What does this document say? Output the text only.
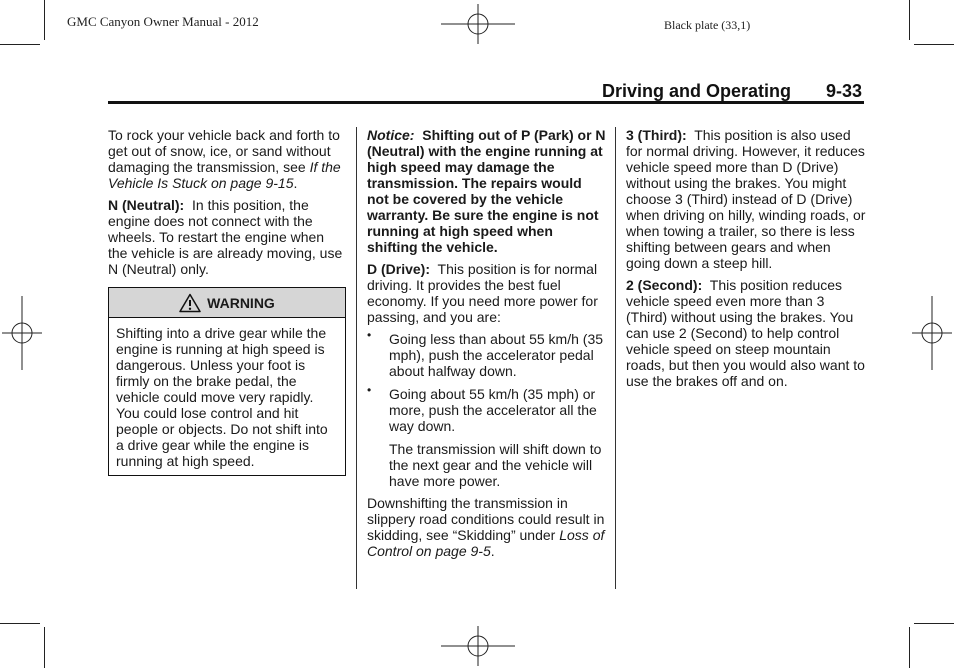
GMC Canyon Owner Manual - 2012	Black plate (33,1)
Driving and Operating 9-33

To rock your vehicle back and forth to get out of snow, ice, or sand without damaging the transmission, see If the Vehicle Is Stuck on page 9-15.

N (Neutral): In this position, the engine does not connect with the wheels. To restart the engine when the vehicle is are already moving, use N (Neutral) only.

WARNING
Shifting into a drive gear while the engine is running at high speed is dangerous. Unless your foot is firmly on the brake pedal, the vehicle could move very rapidly. You could lose control and hit people or objects. Do not shift into a drive gear while the engine is running at high speed.

Notice: Shifting out of P (Park) or N (Neutral) with the engine running at high speed may damage the transmission. The repairs would not be covered by the vehicle warranty. Be sure the engine is not running at high speed when shifting the vehicle.

D (Drive): This position is for normal driving. It provides the best fuel economy. If you need more power for passing, and you are:

• Going less than about 55 km/h (35 mph), push the accelerator pedal about halfway down.
• Going about 55 km/h (35 mph) or more, push the accelerator all the way down.

The transmission will shift down to the next gear and the vehicle will have more power.

Downshifting the transmission in slippery road conditions could result in skidding, see “Skidding” under Loss of Control on page 9-5.

3 (Third): This position is also used for normal driving. However, it reduces vehicle speed more than D (Drive) without using the brakes. You might choose 3 (Third) instead of D (Drive) when driving on hilly, winding roads, or when towing a trailer, so there is less shifting between gears and when going down a steep hill.

2 (Second): This position reduces vehicle speed even more than 3 (Third) without using the brakes. You can use 2 (Second) to help control vehicle speed on steep mountain roads, but then you would also want to use the brakes off and on.
